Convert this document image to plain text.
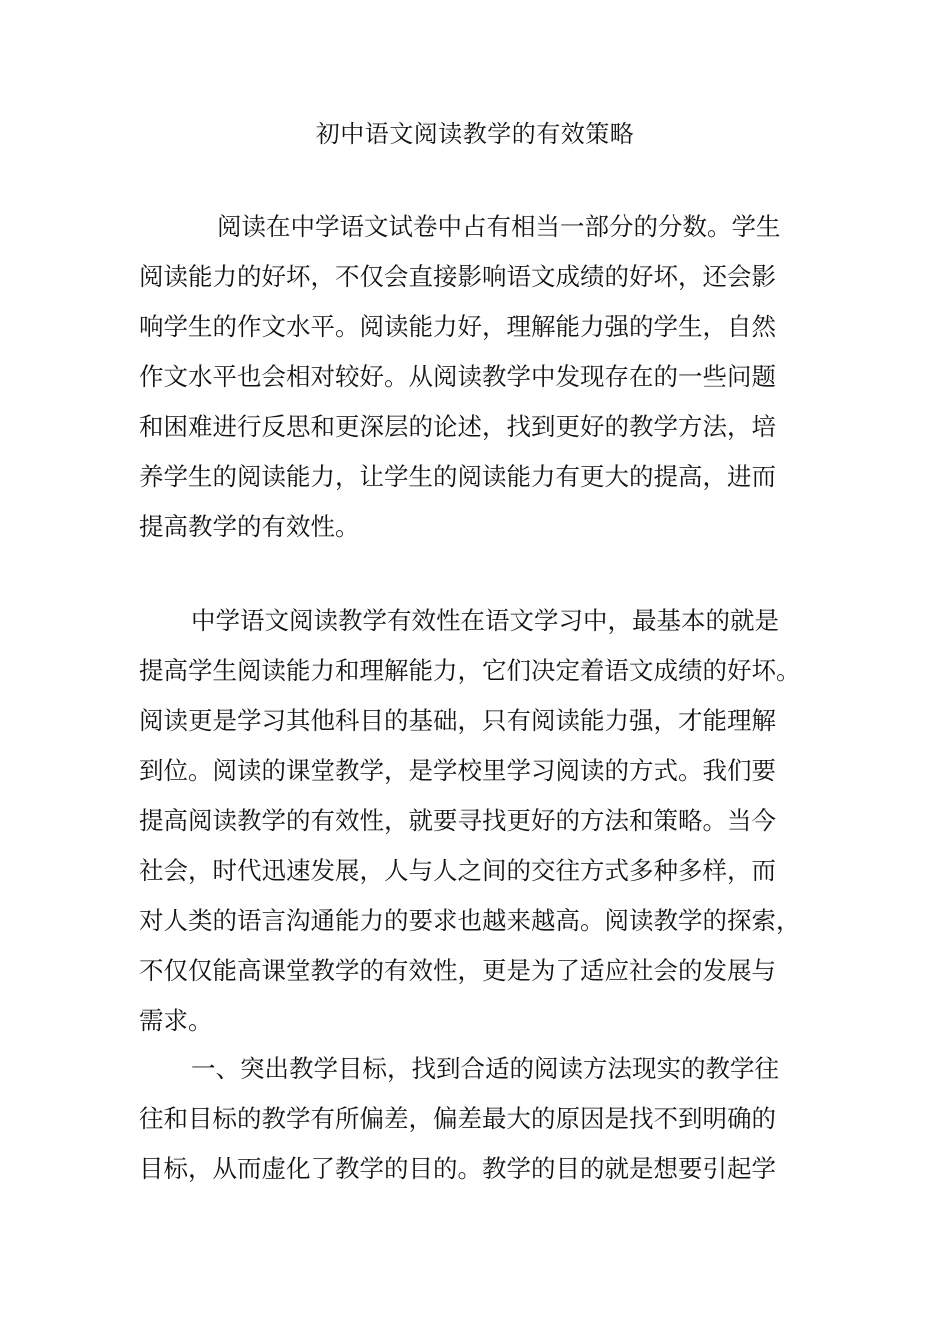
初中语文阅读教学的有效策略
阅读在中学语文试卷中占有相当一部分的分数。学生
阅读能力的好坏，不仅会直接影响语文成绩的好坏，还会影
响学生的作文水平。阅读能力好，理解能力强的学生，自然
作文水平也会相对较好。从阅读教学中发现存在的一些问题
和困难进行反思和更深层的论述，找到更好的教学方法，培
养学生的阅读能力，让学生的阅读能力有更大的提高，进而
提高教学的有效性。
中学语文阅读教学有效性在语文学习中，最基本的就是
提高学生阅读能力和理解能力，它们决定着语文成绩的好坏。
阅读更是学习其他科目的基础，只有阅读能力强，才能理解
到位。阅读的课堂教学，是学校里学习阅读的方式。我们要
提高阅读教学的有效性，就要寻找更好的方法和策略。当今
社会，时代迅速发展，人与人之间的交往方式多种多样，而
对人类的语言沟通能力的要求也越来越高。阅读教学的探索，
不仅仅能高课堂教学的有效性，更是为了适应社会的发展与
需求。
一、突出教学目标，找到合适的阅读方法现实的教学往
往和目标的教学有所偏差，偏差最大的原因是找不到明确的
目标，从而虚化了教学的目的。教学的目的就是想要引起学
